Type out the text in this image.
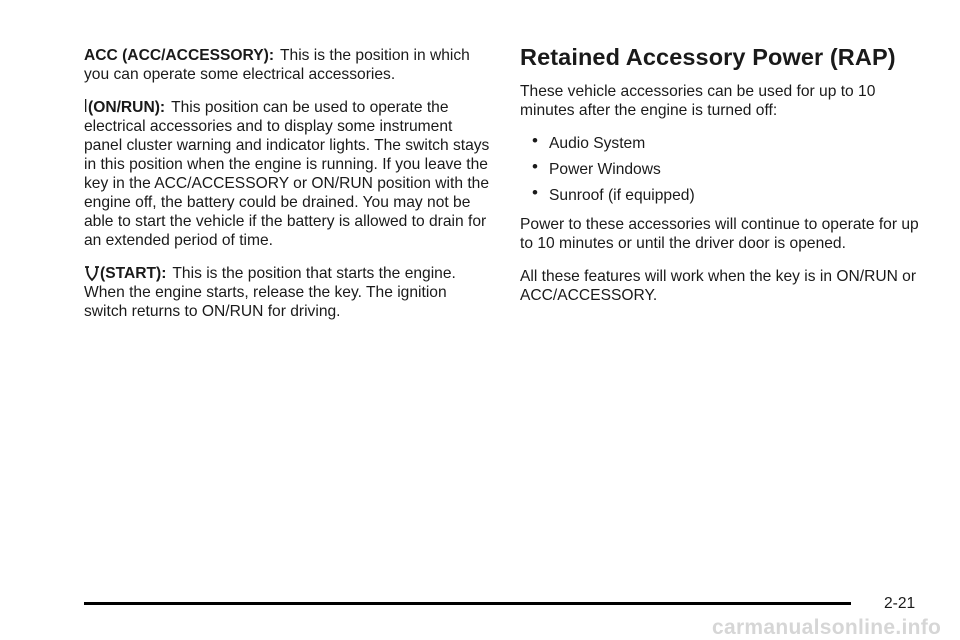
ACC (ACC/ACCESSORY): This is the position in which you can operate some electrical accessories.

(ON/RUN): This position can be used to operate the electrical accessories and to display some instrument panel cluster warning and indicator lights. The switch stays in this position when the engine is running. If you leave the key in the ACC/ACCESSORY or ON/RUN position with the engine off, the battery could be drained. You may not be able to start the vehicle if the battery is allowed to drain for an extended period of time.

(START): This is the position that starts the engine. When the engine starts, release the key. The ignition switch returns to ON/RUN for driving.

Retained Accessory Power (RAP)

These vehicle accessories can be used for up to 10 minutes after the engine is turned off:

• Audio System
• Power Windows
• Sunroof (if equipped)

Power to these accessories will continue to operate for up to 10 minutes or until the driver door is opened.

All these features will work when the key is in ON/RUN or ACC/ACCESSORY.

2-21
carmanualsonline.info
